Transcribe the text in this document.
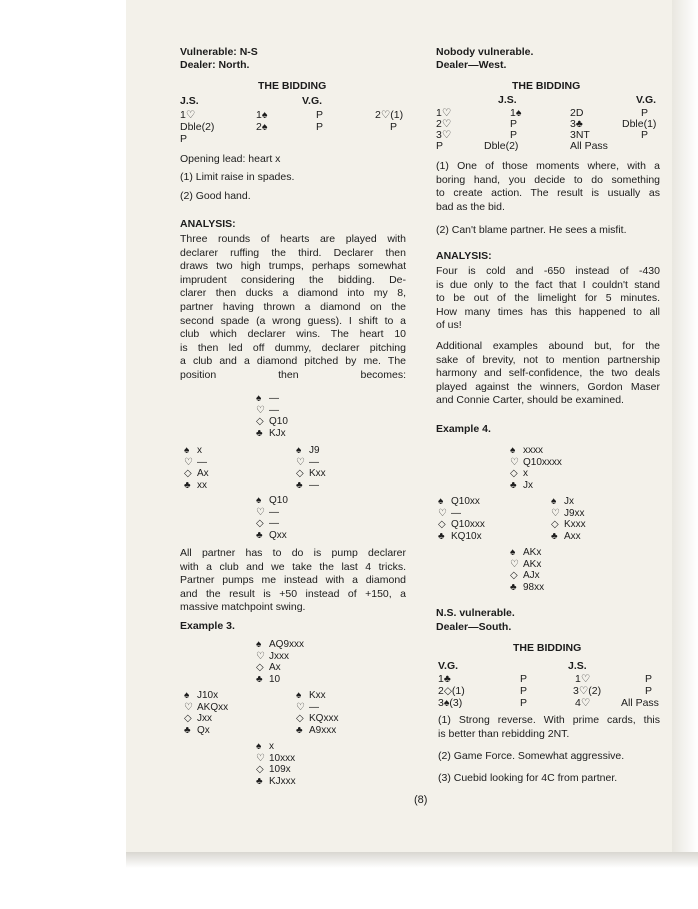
Vulnerable: N-S
Dealer: North.
THE BIDDING
J.S.	V.G.
1♡	1♠	P	2♡(1)
Dble(2)	2♠	P	P
P
Opening lead: heart x
(1) Limit raise in spades.
(2) Good hand.
ANALYSIS:
Three rounds of hearts are played with
declarer ruffing the third. Declarer then
draws two high trumps, perhaps somewhat
imprudent considering the bidding. De-
clarer then ducks a diamond into my 8,
partner having thrown a diamond on the
second spade (a wrong guess). I shift to a
club which declarer wins. The heart 10
is then led off dummy, declarer pitching
a club and a diamond pitched by me. The
position then becomes:
♠ —
♡ —
◇ Q10
♣ KJx
♠ x
♡ —
◇ Ax
♣ xx
♠ J9
♡ —
◇ Kxx
♣ —
♠ Q10
♡ —
◇ —
♣ Qxx
All partner has to do is pump declarer
with a club and we take the last 4 tricks.
Partner pumps me instead with a diamond
and the result is +50 instead of +150, a
massive matchpoint swing.
Example 3.
♠ AQ9xxx
♡ Jxxx
◇ Ax
♣ 10
♠ J10x
♡ AKQxx
◇ Jxx
♣ Qx
♠ Kxx
♡ —
◇ KQxxx
♣ A9xxx
♠ x
♡ 10xxx
◇ 109x
♣ KJxxx
Nobody vulnerable.
Dealer—West.
THE BIDDING
J.S.	V.G.
1♡	1♠	2D	P
2♡	P	3♣	Dble(1)
3♡	P	3NT	P
P	Dble(2)	All Pass
(1) One of those moments where, with a
boring hand, you decide to do something
to create action. The result is usually as
bad as the bid.
(2) Can't blame partner. He sees a misfit.
ANALYSIS:
Four is cold and -650 instead of -430
is due only to the fact that I couldn't stand
to be out of the limelight for 5 minutes.
How many times has this happened to all
of us!
Additional examples abound but, for the
sake of brevity, not to mention partnership
harmony and self-confidence, the two deals
played against the winners, Gordon Maser
and Connie Carter, should be examined.
Example 4.
♠ xxxx
♡ Q10xxxx
◇ x
♣ Jx
♠ Q10xx
♡ —
◇ Q10xxx
♣ KQ10x
♠ Jx
♡ J9xx
◇ Kxxx
♣ Axx
♠ AKx
♡ AKx
◇ AJx
♣ 98xx
N.S. vulnerable.
Dealer—South.
THE BIDDING
V.G.	J.S.
1♣	P	1♡	P
2◇(1)	P	3♡(2)	P
3♠(3)	P	4♡	All Pass
(1) Strong reverse. With prime cards, this
is better than rebidding 2NT.
(2) Game Force. Somewhat aggressive.
(3) Cuebid looking for 4C from partner.
(8)
